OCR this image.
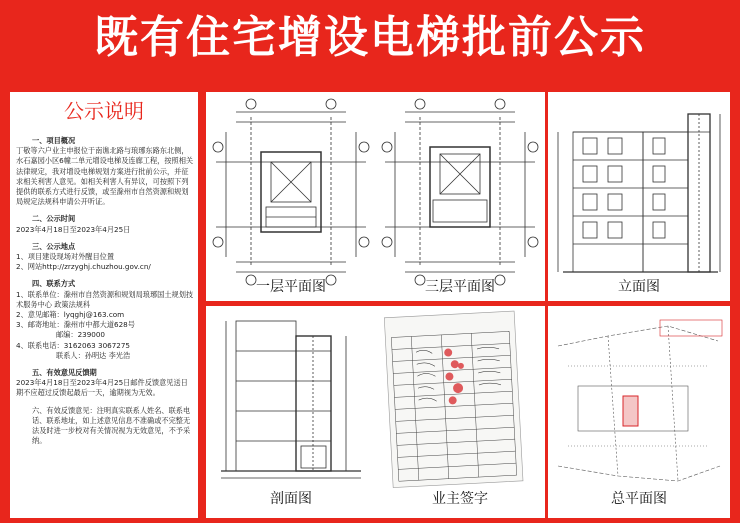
既有住宅增设电梯批前公示
公示说明
一、项目概况
丁敬等六户业主申报位于南谯北路与琅琊东路东北侧，水石嘉园小区6幢二单元增设电梯及连廊工程，按照相关法律规定，我对增设电梯规划方案进行批前公示，并征求相关利害人意见。如相关利害人有异议，可按照下列提供的联系方式进行反馈，或至滁州市自然资源和规划局规定法规科申请公开听证。
二、公示时间
2023年4月18日至2023年4月25日
三、公示地点
1、项目建设现场对外醒目位置
2、网站http://zrzyghj.chuzhou.gov.cn/
四、联系方式
1、联系单位：滁州市自然资源和规划局琅琊国土规划技术服务中心 政策法规科
2、意见邮箱：lyqghj@163.com
3、邮寄地址：滁州市中都大道628号
邮编：239000
4、联系电话：3162063 3067275
联系人：孙明达 李光浩
五、有效意见反馈期
2023年4月18日至2023年4月25日邮件反馈意见送日期不应超过反馈起最后一天，逾期视为无效。
六、有效反馈意见：注明真实联系人姓名、联系电话、联系地址，如上述意见信息不准确或不完整无法及时进一步校对有关情况视为无效意见，不予采纳。
一层平面图	三层平面图	立面图
剖面图	业主签字	总平面图
